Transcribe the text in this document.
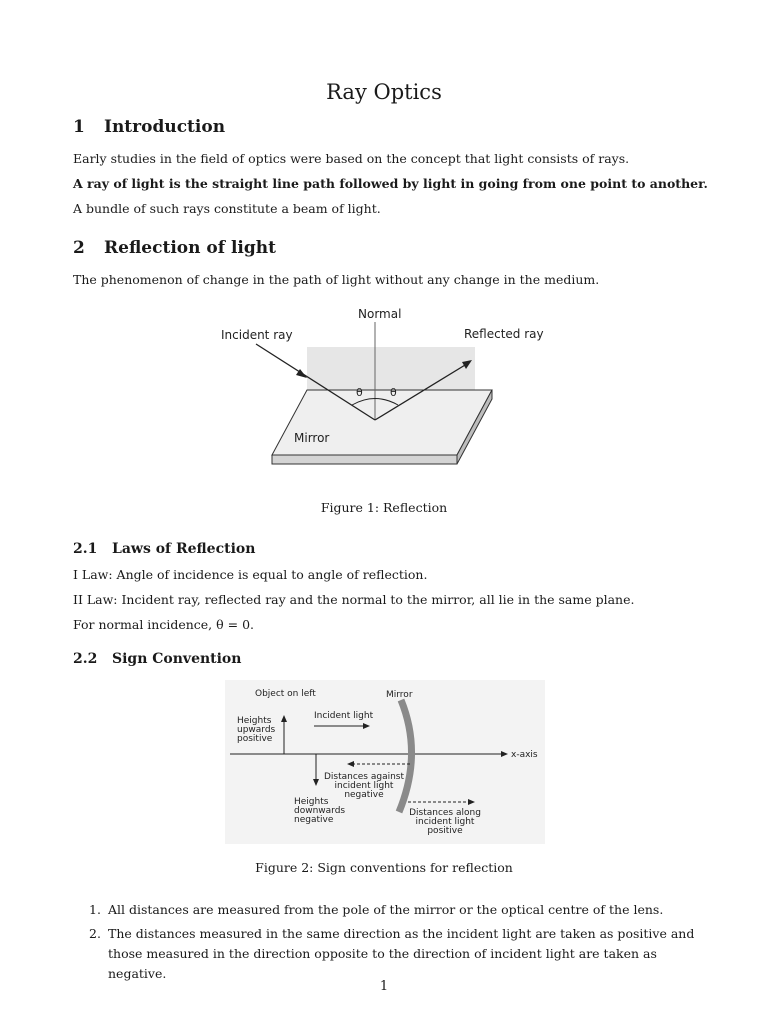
Ray Optics
1 Introduction
Early studies in the field of optics were based on the concept that light consists of rays.
A ray of light is the straight line path followed by light in going from one point to another.
A bundle of such rays constitute a beam of light.
2 Reflection of light
The phenomenon of change in the path of light without any change in the medium.
Normal
Incident ray	Reflected ray
θ θ
Mirror
Figure 1: Reflection
2.1 Laws of Reflection
I Law: Angle of incidence is equal to angle of reflection.
II Law: Incident ray, reflected ray and the normal to the mirror, all lie in the same plane.
For normal incidence, θ = 0.
2.2 Sign Convention
Object on left	Mirror
Heights
upwards
positive
Incident light
x-axis
Distances against
incident light
negative
Heights
downwards
negative
Distances along
incident light
positive
Figure 2: Sign conventions for reflection
1. All distances are measured from the pole of the mirror or the optical centre of the lens.
2. The distances measured in the same direction as the incident light are taken as positive and those measured in the direction opposite to the direction of incident light are taken as negative.
1
